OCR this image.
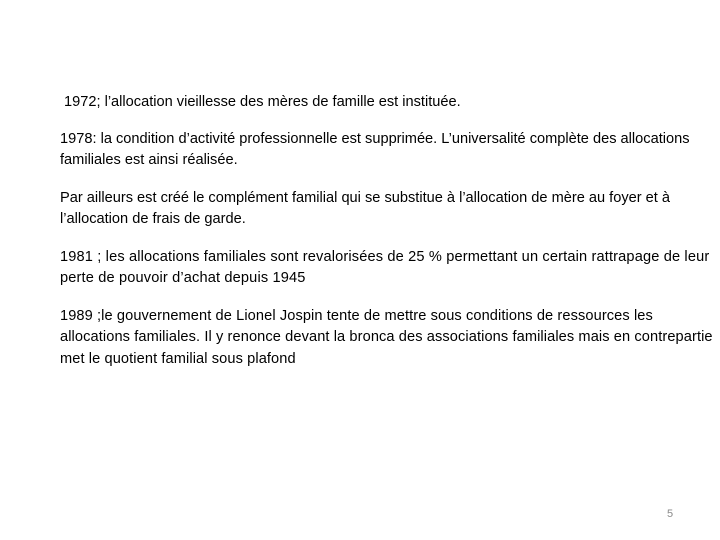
1972; l’allocation vieillesse des mères de famille est instituée.

1978: la condition d’activité professionnelle est supprimée. L’universalité complète des allocations familiales est ainsi réalisée.

Par ailleurs est créé le complément familial qui se substitue à l’allocation de mère au foyer et à l’allocation de frais de garde.

1981 ; les allocations familiales sont revalorisées de 25 % permettant un certain rattrapage de leur perte de pouvoir d’achat depuis 1945

1989 ;le gouvernement de Lionel Jospin tente de mettre sous conditions de ressources les allocations familiales. Il y renonce devant la bronca des associations familiales mais en contrepartie met le quotient familial sous plafond

5
